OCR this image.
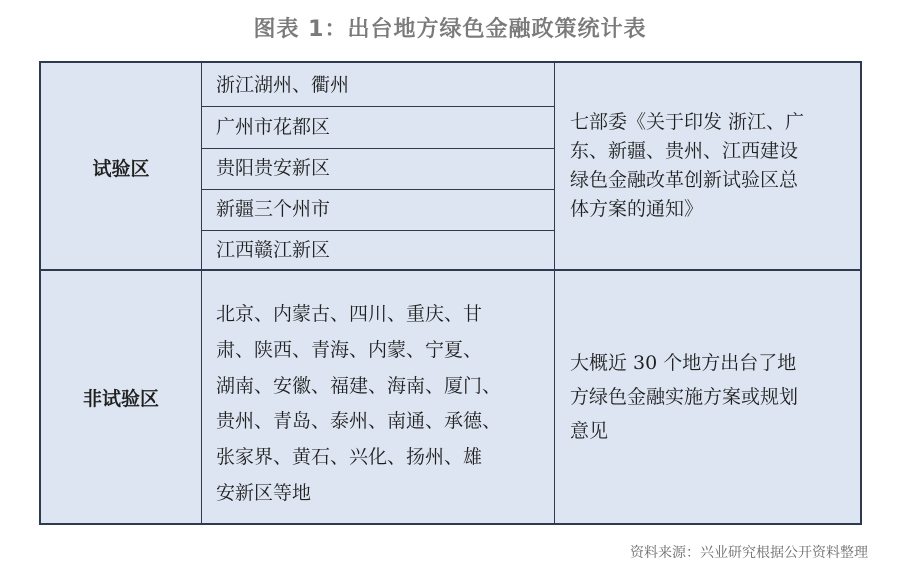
图表 1：出台地方绿色金融政策统计表
试验区
浙江湖州、衢州
广州市花都区
贵阳贵安新区
新疆三个州市
江西赣江新区
七部委《关于印发 浙江、广
东、新疆、贵州、江西建设
绿色金融改革创新试验区总
体方案的通知》
非试验区
北京、内蒙古、四川、重庆、甘
肃、陕西、青海、内蒙、宁夏、
湖南、安徽、福建、海南、厦门、
贵州、青岛、泰州、南通、承德、
张家界、黄石、兴化、扬州、雄
安新区等地
大概近 30 个地方出台了地
方绿色金融实施方案或规划
意见
资料来源：兴业研究根据公开资料整理
